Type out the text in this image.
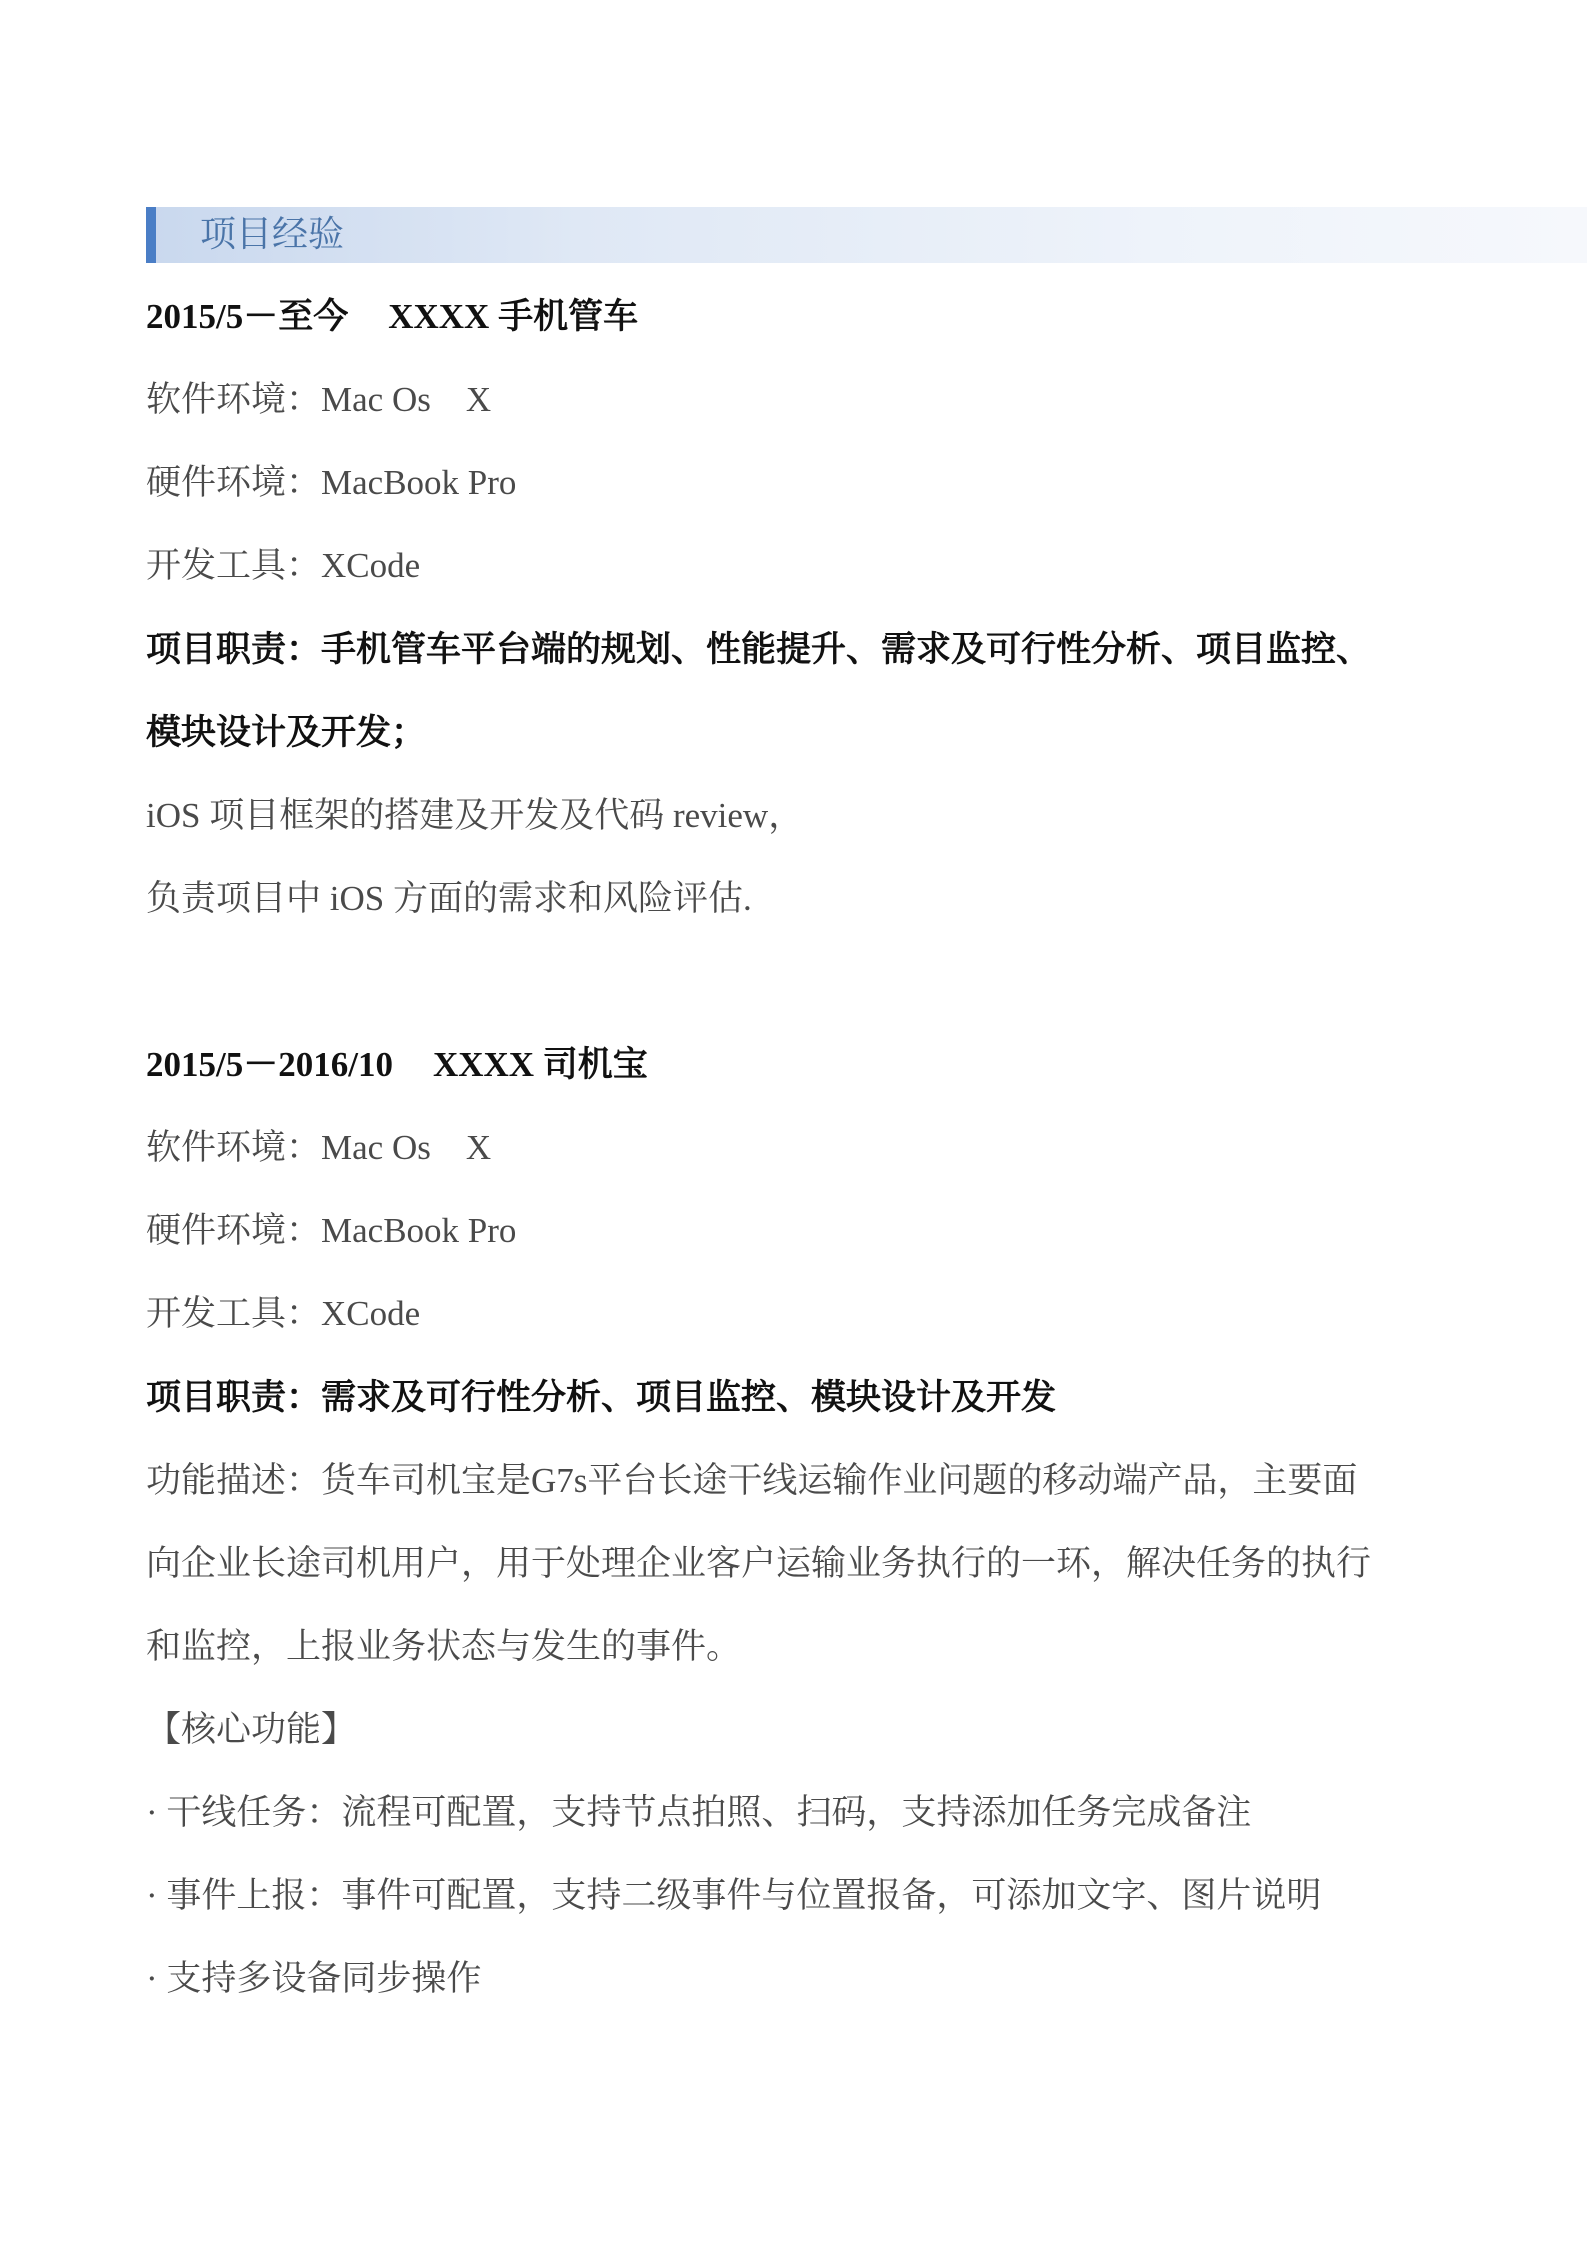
项目经验
2015/5－至今 XXXX 手机管车
软件环境：Mac Os　X
硬件环境：MacBook Pro
开发工具：XCode
项目职责：手机管车平台端的规划、性能提升、需求及可行性分析、项目监控、
模块设计及开发；
iOS 项目框架的搭建及开发及代码 review，
负责项目中 iOS 方面的需求和风险评估.
2015/5－2016/10 XXXX 司机宝
软件环境：Mac Os　X
硬件环境：MacBook Pro
开发工具：XCode
项目职责：需求及可行性分析、项目监控、模块设计及开发
功能描述：货车司机宝是G7s平台长途干线运输作业问题的移动端产品，主要面
向企业长途司机用户，用于处理企业客户运输业务执行的一环，解决任务的执行
和监控，上报业务状态与发生的事件。
【核心功能】
· 干线任务：流程可配置，支持节点拍照、扫码，支持添加任务完成备注
· 事件上报：事件可配置，支持二级事件与位置报备，可添加文字、图片说明
· 支持多设备同步操作
